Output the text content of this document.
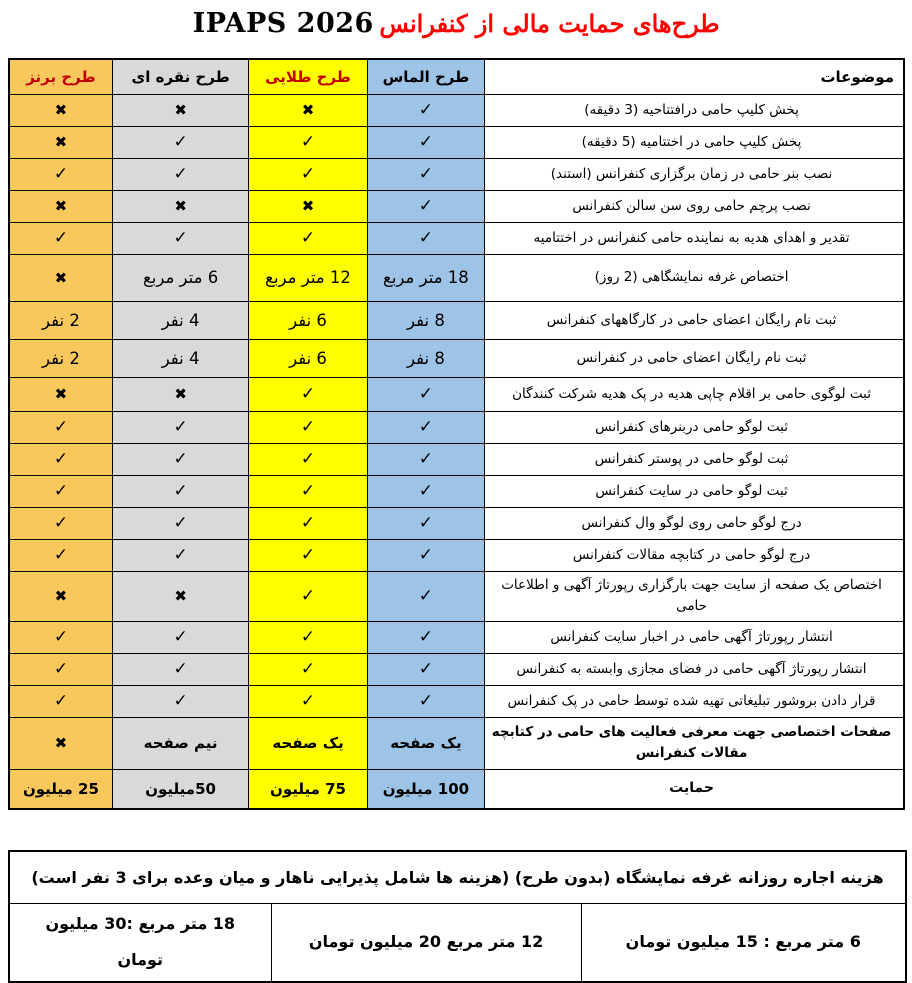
طرح‌های حمایت مالی از کنفرانس IPAPS 2026
موضوعات	طرح الماس	طرح طلایی	طرح نقره ای	طرح برنز
پخش کلیپ حامی درافتتاحیه (3 دقیقه)	✓	✖	✖	✖
پخش کلیپ حامی در اختتامیه (5 دقیقه)	✓	✓	✓	✖
نصب بنر حامی در زمان برگزاری کنفرانس (استند)	✓	✓	✓	✓
نصب پرچم حامی روی سن سالن کنفرانس	✓	✖	✖	✖
تقدیر و اهدای هدیه به نماینده حامی کنفرانس در اختتامیه	✓	✓	✓	✓
اختصاص غرفه نمایشگاهی (2 روز)	18 متر مربع	12 متر مربع	6 متر مربع	✖
ثبت نام رایگان اعضای حامی در کارگاههای کنفرانس	8 نفر	6 نفر	4 نفر	2 نفر
ثبت نام رایگان اعضای حامی در کنفرانس	8 نفر	6 نفر	4 نفر	2 نفر
ثبت لوگوی حامی بر اقلام چاپی هدیه در پک هدیه شرکت کنندگان	✓	✓	✖	✖
ثبت لوگو حامی دربنرهای کنفرانس	✓	✓	✓	✓
ثبت لوگو حامی در پوستر کنفرانس	✓	✓	✓	✓
ثبت لوگو حامی در سایت کنفرانس	✓	✓	✓	✓
درج لوگو حامی روی لوگو وال کنفرانس	✓	✓	✓	✓
درج لوگو حامی در کتابچه مقالات کنفرانس	✓	✓	✓	✓
اختصاص یک صفحه از سایت جهت بارگزاری رپورتاژ آگهی و اطلاعات حامی	✓	✓	✖	✖
انتشار رپورتاژ آگهی حامی در اخبار سایت کنفرانس	✓	✓	✓	✓
انتشار رپورتاژ آگهی حامی در فضای مجازی وابسته به کنفرانس	✓	✓	✓	✓
قرار دادن بروشور تبلیغاتی تهیه شده توسط حامی در پک کنفرانس	✓	✓	✓	✓
صفحات اختصاصی جهت معرفی فعالیت های حامی در کتابچه مقالات کنفرانس	یک صفحه	یک صفحه	نیم صفحه	✖
حمایت	100 میلیون	75 میلیون	50میلیون	25 میلیون
هزینه اجاره روزانه غرفه نمایشگاه (بدون طرح) (هزینه ها شامل پذیرایی ناهار و میان وعده برای 3 نفر است)
6 متر مربع : 15 میلیون تومان	12 متر مربع 20 میلیون تومان	18 متر مربع :30 میلیون تومان
